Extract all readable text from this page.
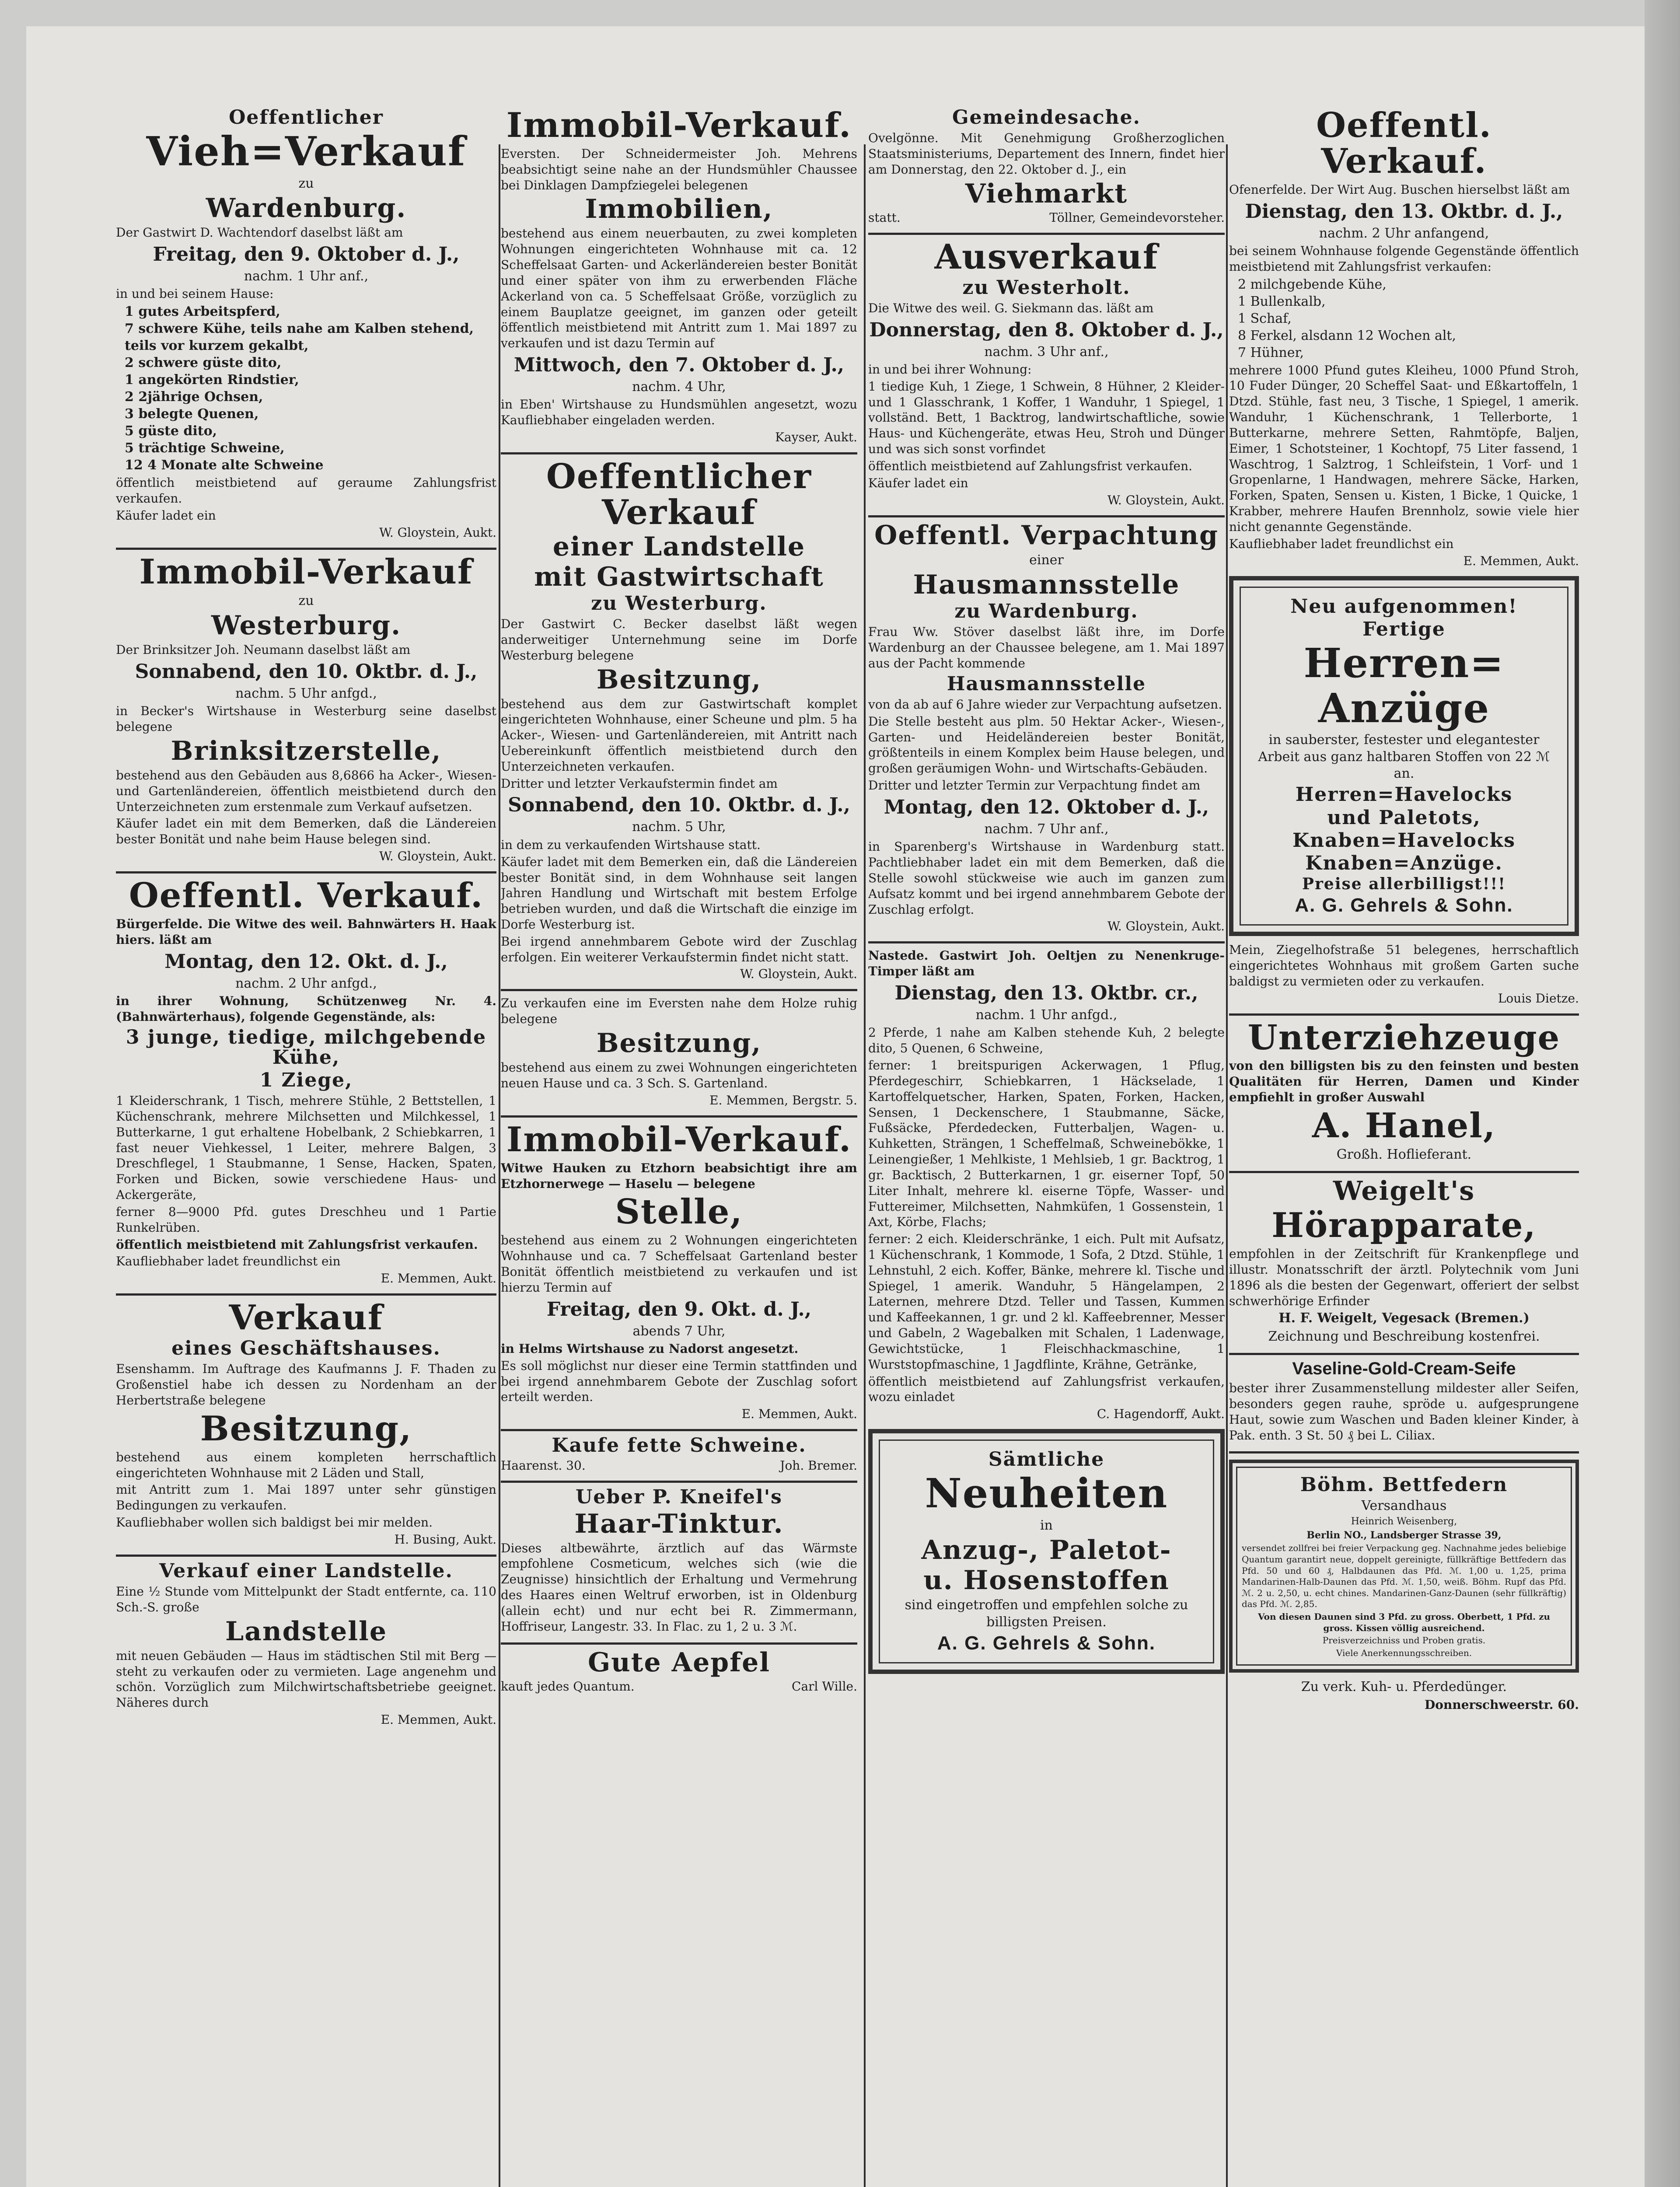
Oeffentlicher
Vieh=Verkauf
zu
Wardenburg.
Der Gastwirt D. Wachtendorf daselbst läßt am
Freitag, den 9. Oktober d. J.,
nachm. 1 Uhr anf.,
in und bei seinem Hause:
1 gutes Arbeitspferd,
7 schwere Kühe, teils nahe am Kalben stehend, teils vor kurzem gekalbt,
2 schwere güste dito,
1 angekörten Rindstier,
2 2jährige Ochsen,
3 belegte Quenen,
5 güste dito,
5 trächtige Schweine,
12 4 Monate alte Schweine
öffentlich meistbietend auf geraume Zahlungsfrist verkaufen.
Käufer ladet ein
W. Gloystein, Aukt.
Immobil-Verkauf
zu
Westerburg.
Der Brinksitzer Joh. Neumann daselbst läßt am
Sonnabend, den 10. Oktbr. d. J.,
nachm. 5 Uhr anfgd.,
in Becker's Wirtshause in Westerburg seine daselbst belegene
Brinksitzerstelle,
bestehend aus den Gebäuden aus 8,6866 ha Acker-, Wiesen- und Gartenländereien, öffentlich meistbietend durch den Unterzeichneten zum erstenmale zum Verkauf aufsetzen.
Käufer ladet ein mit dem Bemerken, daß die Ländereien bester Bonität und nahe beim Hause belegen sind.
W. Gloystein, Aukt.
Oeffentl. Verkauf.
Bürgerfelde. Die Witwe des weil. Bahnwärters H. Haak hiers. läßt am
Montag, den 12. Okt. d. J.,
nachm. 2 Uhr anfgd.,
in ihrer Wohnung, Schützenweg Nr. 4. (Bahnwärterhaus), folgende Gegenstände, als:
3 junge, tiedige, milchgebende Kühe,
1 Ziege,
1 Kleiderschrank, 1 Tisch, mehrere Stühle, 2 Bettstellen, 1 Küchenschrank, mehrere Milchsetten und Milchkessel, 1 Butterkarne, 1 gut erhaltene Hobelbank, 2 Schiebkarren, 1 fast neuer Viehkessel, 1 Leiter, mehrere Balgen, 3 Dreschflegel, 1 Staubmanne, 1 Sense, Hacken, Spaten, Forken und Bicken, sowie verschiedene Haus- und Ackergeräte,
ferner 8—9000 Pfd. gutes Dreschheu und 1 Partie Runkelrüben.
öffentlich meistbietend mit Zahlungsfrist verkaufen.
Kaufliebhaber ladet freundlichst ein
E. Memmen, Aukt.
Verkauf
eines Geschäftshauses.
Esenshamm. Im Auftrage des Kaufmanns J. F. Thaden zu Großenstiel habe ich dessen zu Nordenham an der Herbertstraße belegene
Besitzung,
bestehend aus einem kompleten herrschaftlich eingerichteten Wohnhause mit 2 Läden und Stall,
mit Antritt zum 1. Mai 1897 unter sehr günstigen Bedingungen zu verkaufen.
Kaufliebhaber wollen sich baldigst bei mir melden.
H. Busing, Aukt.
Verkauf einer Landstelle.
Eine ½ Stunde vom Mittelpunkt der Stadt entfernte, ca. 110 Sch.-S. große
Landstelle
mit neuen Gebäuden — Haus im städtischen Stil mit Berg — steht zu verkaufen oder zu vermieten. Lage angenehm und schön. Vorzüglich zum Milchwirtschaftsbetriebe geeignet. Näheres durch
E. Memmen, Aukt.
Immobil-Verkauf.
Eversten. Der Schneidermeister Joh. Mehrens beabsichtigt seine nahe an der Hundsmühler Chaussee bei Dinklagen Dampfziegelei belegenen
Immobilien,
bestehend aus einem neuerbauten, zu zwei kompleten Wohnungen eingerichteten Wohnhause mit ca. 12 Scheffelsaat Garten- und Ackerländereien bester Bonität und einer später von ihm zu erwerbenden Fläche Ackerland von ca. 5 Scheffelsaat Größe, vorzüglich zu einem Bauplatze geeignet, im ganzen oder geteilt öffentlich meistbietend mit Antritt zum 1. Mai 1897 zu verkaufen und ist dazu Termin auf
Mittwoch, den 7. Oktober d. J.,
nachm. 4 Uhr,
in Eben' Wirtshause zu Hundsmühlen angesetzt, wozu Kaufliebhaber eingeladen werden.
Kayser, Aukt.
Oeffentlicher Verkauf
einer Landstelle
mit Gastwirtschaft
zu Westerburg.
Der Gastwirt C. Becker daselbst läßt wegen anderweitiger Unternehmung seine im Dorfe Westerburg belegene
Besitzung,
bestehend aus dem zur Gastwirtschaft komplet eingerichteten Wohnhause, einer Scheune und plm. 5 ha Acker-, Wiesen- und Gartenländereien, mit Antritt nach Uebereinkunft öffentlich meistbietend durch den Unterzeichneten verkaufen.
Dritter und letzter Verkaufstermin findet am
Sonnabend, den 10. Oktbr. d. J.,
nachm. 5 Uhr,
in dem zu verkaufenden Wirtshause statt.
Käufer ladet mit dem Bemerken ein, daß die Ländereien bester Bonität sind, in dem Wohnhause seit langen Jahren Handlung und Wirtschaft mit bestem Erfolge betrieben wurden, und daß die Wirtschaft die einzige im Dorfe Westerburg ist.
Bei irgend annehmbarem Gebote wird der Zuschlag erfolgen. Ein weiterer Verkaufstermin findet nicht statt.
W. Gloystein, Aukt.
Zu verkaufen eine im Eversten nahe dem Holze ruhig belegene
Besitzung,
bestehend aus einem zu zwei Wohnungen eingerichteten neuen Hause und ca. 3 Sch. S. Gartenland.
E. Memmen, Bergstr. 5.
Immobil-Verkauf.
Witwe Hauken zu Etzhorn beabsichtigt ihre am Etzhornerwege — Haselu — belegene
Stelle,
bestehend aus einem zu 2 Wohnungen eingerichteten Wohnhause und ca. 7 Scheffelsaat Gartenland bester Bonität öffentlich meistbietend zu verkaufen und ist hierzu Termin auf
Freitag, den 9. Okt. d. J.,
abends 7 Uhr,
in Helms Wirtshause zu Nadorst angesetzt.
Es soll möglichst nur dieser eine Termin stattfinden und bei irgend annehmbarem Gebote der Zuschlag sofort erteilt werden.
E. Memmen, Aukt.
Kaufe fette Schweine.
Haarenst. 30.	Joh. Bremer.
Ueber P. Kneifel's
Haar-Tinktur.
Dieses altbewährte, ärztlich auf das Wärmste empfohlene Cosmeticum, welches sich (wie die Zeugnisse) hinsichtlich der Erhaltung und Vermehrung des Haares einen Weltruf erworben, ist in Oldenburg (allein echt) und nur echt bei R. Zimmermann, Hoffriseur, Langestr. 33. In Flac. zu 1, 2 u. 3 ℳ.
Gute Aepfel
kauft jedes Quantum.	Carl Wille.
Gemeindesache.
Ovelgönne. Mit Genehmigung Großherzoglichen Staatsministeriums, Departement des Innern, findet hier am Donnerstag, den 22. Oktober d. J., ein
Viehmarkt
statt.	Töllner, Gemeindevorsteher.
Ausverkauf
zu Westerholt.
Die Witwe des weil. G. Siekmann das. läßt am
Donnerstag, den 8. Oktober d. J.,
nachm. 3 Uhr anf.,
in und bei ihrer Wohnung:
1 tiedige Kuh, 1 Ziege, 1 Schwein, 8 Hühner, 2 Kleider- und 1 Glasschrank, 1 Koffer, 1 Wanduhr, 1 Spiegel, 1 vollständ. Bett, 1 Backtrog, landwirtschaftliche, sowie Haus- und Küchengeräte, etwas Heu, Stroh und Dünger und was sich sonst vorfindet
öffentlich meistbietend auf Zahlungsfrist verkaufen.
Käufer ladet ein
W. Gloystein, Aukt.
Oeffentl. Verpachtung
einer
Hausmannsstelle
zu Wardenburg.
Frau Ww. Stöver daselbst läßt ihre, im Dorfe Wardenburg an der Chaussee belegene, am 1. Mai 1897 aus der Pacht kommende
Hausmannsstelle
von da ab auf 6 Jahre wieder zur Verpachtung aufsetzen.
Die Stelle besteht aus plm. 50 Hektar Acker-, Wiesen-, Garten- und Heideländereien bester Bonität, größtenteils in einem Komplex beim Hause belegen, und großen geräumigen Wohn- und Wirtschafts-Gebäuden.
Dritter und letzter Termin zur Verpachtung findet am
Montag, den 12. Oktober d. J.,
nachm. 7 Uhr anf.,
in Sparenberg's Wirtshause in Wardenburg statt. Pachtliebhaber ladet ein mit dem Bemerken, daß die Stelle sowohl stückweise wie auch im ganzen zum Aufsatz kommt und bei irgend annehmbarem Gebote der Zuschlag erfolgt.
W. Gloystein, Aukt.
Nastede. Gastwirt Joh. Oeltjen zu Nenenkruge-Timper läßt am
Dienstag, den 13. Oktbr. cr.,
nachm. 1 Uhr anfgd.,
2 Pferde, 1 nahe am Kalben stehende Kuh, 2 belegte dito, 5 Quenen, 6 Schweine,
ferner: 1 breitspurigen Ackerwagen, 1 Pflug, Pferdegeschirr, Schiebkarren, 1 Häckselade, 1 Kartoffelquetscher, Harken, Spaten, Forken, Hacken, Sensen, 1 Deckenschere, 1 Staubmanne, Säcke, Fußsäcke, Pferdedecken, Futterbaljen, Wagen- u. Kuhketten, Strängen, 1 Scheffelmaß, Schweinebökke, 1 Leinengießer, 1 Mehlkiste, 1 Mehlsieb, 1 gr. Backtrog, 1 gr. Backtisch, 2 Butterkarnen, 1 gr. eiserner Topf, 50 Liter Inhalt, mehrere kl. eiserne Töpfe, Wasser- und Futtereimer, Milchsetten, Nahmküfen, 1 Gossenstein, 1 Axt, Körbe, Flachs;
ferner: 2 eich. Kleiderschränke, 1 eich. Pult mit Aufsatz, 1 Küchenschrank, 1 Kommode, 1 Sofa, 2 Dtzd. Stühle, 1 Lehnstuhl, 2 eich. Koffer, Bänke, mehrere kl. Tische und Spiegel, 1 amerik. Wanduhr, 5 Hängelampen, 2 Laternen, mehrere Dtzd. Teller und Tassen, Kummen und Kaffeekannen, 1 gr. und 2 kl. Kaffeebrenner, Messer und Gabeln, 2 Wagebalken mit Schalen, 1 Ladenwage, Gewichtstücke, 1 Fleischhackmaschine, 1 Wurststopfmaschine, 1 Jagdflinte, Krähne, Getränke,
öffentlich meistbietend auf Zahlungsfrist verkaufen, wozu einladet
C. Hagendorff, Aukt.
Sämtliche
Neuheiten
in
Anzug-, Paletot-
u. Hosenstoffen
sind eingetroffen und empfehlen solche zu billigsten Preisen.
A. G. Gehrels & Sohn.
Oeffentl. Verkauf.
Ofenerfelde. Der Wirt Aug. Buschen hierselbst läßt am
Dienstag, den 13. Oktbr. d. J.,
nachm. 2 Uhr anfangend,
bei seinem Wohnhause folgende Gegenstände öffentlich meistbietend mit Zahlungsfrist verkaufen:
2 milchgebende Kühe,
1 Bullenkalb,
1 Schaf,
8 Ferkel, alsdann 12 Wochen alt,
7 Hühner,
mehrere 1000 Pfund gutes Kleiheu, 1000 Pfund Stroh, 10 Fuder Dünger, 20 Scheffel Saat- und Eßkartoffeln, 1 Dtzd. Stühle, fast neu, 3 Tische, 1 Spiegel, 1 amerik. Wanduhr, 1 Küchenschrank, 1 Tellerborte, 1 Butterkarne, mehrere Setten, Rahmtöpfe, Baljen, Eimer, 1 Schotsteiner, 1 Kochtopf, 75 Liter fassend, 1 Waschtrog, 1 Salztrog, 1 Schleifstein, 1 Vorf- und 1 Gropenlarne, 1 Handwagen, mehrere Säcke, Harken, Forken, Spaten, Sensen u. Kisten, 1 Bicke, 1 Quicke, 1 Krabber, mehrere Haufen Brennholz, sowie viele hier nicht genannte Gegenstände.
Kaufliebhaber ladet freundlichst ein
E. Memmen, Aukt.
Neu aufgenommen!
Fertige
Herren=
Anzüge
in sauberster, festester und elegantester Arbeit aus ganz haltbaren Stoffen von 22 ℳ an.
Herren=Havelocks
und Paletots,
Knaben=Havelocks
Knaben=Anzüge.
Preise allerbilligst!!!
A. G. Gehrels & Sohn.
Mein, Ziegelhofstraße 51 belegenes, herrschaftlich eingerichtetes Wohnhaus mit großem Garten suche baldigst zu vermieten oder zu verkaufen.
Louis Dietze.
Unterziehzeuge
von den billigsten bis zu den feinsten und besten Qualitäten für Herren, Damen und Kinder empfiehlt in großer Auswahl
A. Hanel,
Großh. Hoflieferant.
Weigelt's
Hörapparate,
empfohlen in der Zeitschrift für Krankenpflege und illustr. Monatsschrift der ärztl. Polytechnik vom Juni 1896 als die besten der Gegenwart, offeriert der selbst schwerhörige Erfinder
H. F. Weigelt, Vegesack (Bremen.)
Zeichnung und Beschreibung kostenfrei.
Vaseline-Gold-Cream-Seife
bester ihrer Zusammenstellung mildester aller Seifen, besonders gegen rauhe, spröde u. aufgesprungene Haut, sowie zum Waschen und Baden kleiner Kinder, à Pak. enth. 3 St. 50 ₰ bei L. Ciliax.
Böhm. Bettfedern
Versandhaus
Heinrich Weisenberg,
Berlin NO., Landsberger Strasse 39,
versendet zollfrei bei freier Verpackung geg. Nachnahme jedes beliebige Quantum garantirt neue, doppelt gereinigte, füllkräftige Bettfedern das Pfd. 50 und 60 ₰, Halbdaunen das Pfd. ℳ. 1,00 u. 1,25, prima Mandarinen-Halb-Daunen das Pfd. ℳ. 1,50, weiß. Böhm. Rupf das Pfd. ℳ. 2 u. 2,50, u. echt chines. Mandarinen-Ganz-Daunen (sehr füllkräftig) das Pfd. ℳ. 2,85.
Von diesen Daunen sind 3 Pfd. zu gross. Oberbett, 1 Pfd. zu gross. Kissen völlig ausreichend.
Preisverzeichniss und Proben gratis.
Viele Anerkennungsschreiben.
Zu verk. Kuh- u. Pferdedünger.
Donnerschweerstr. 60.
